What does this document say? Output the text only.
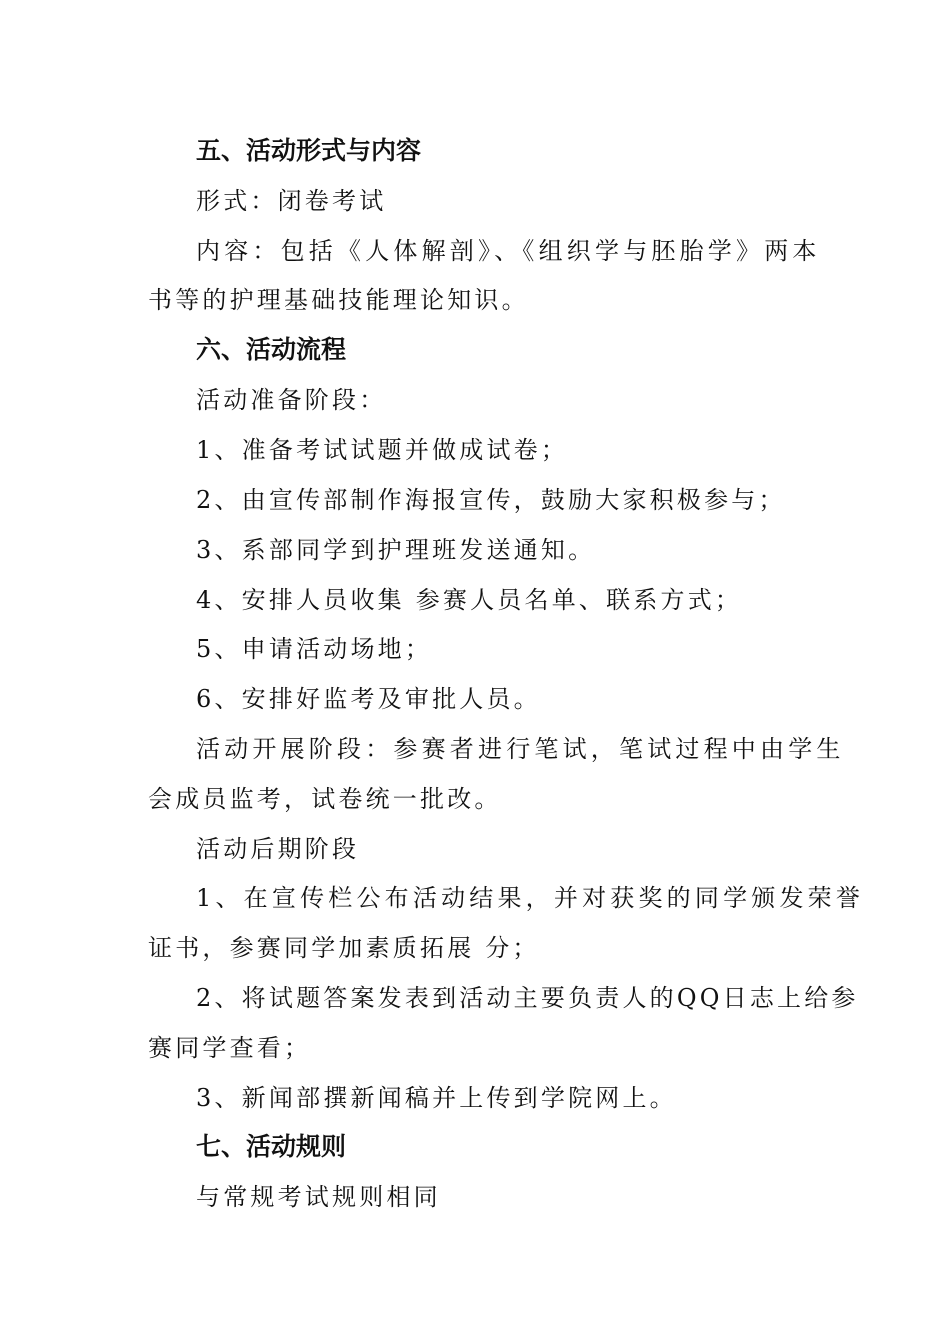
五、活动形式与内容
形式：闭卷考试
内容：包括《人体解剖》、《组织学与胚胎学》两本
书等的护理基础技能理论知识。
六、活动流程
活动准备阶段：
1、准备考试试题并做成试卷；
2、由宣传部制作海报宣传，鼓励大家积极参与；
3、系部同学到护理班发送通知。
4、安排人员收集 参赛人员名单、联系方式；
5、申请活动场地；
6、安排好监考及审批人员。
活动开展阶段：参赛者进行笔试，笔试过程中由学生
会成员监考，试卷统一批改。
活动后期阶段
1、在宣传栏公布活动结果，并对获奖的同学颁发荣誉
证书，参赛同学加素质拓展 分；
2、将试题答案发表到活动主要负责人的QQ日志上给参
赛同学查看；
3、新闻部撰新闻稿并上传到学院网上。
七、活动规则
与常规考试规则相同
